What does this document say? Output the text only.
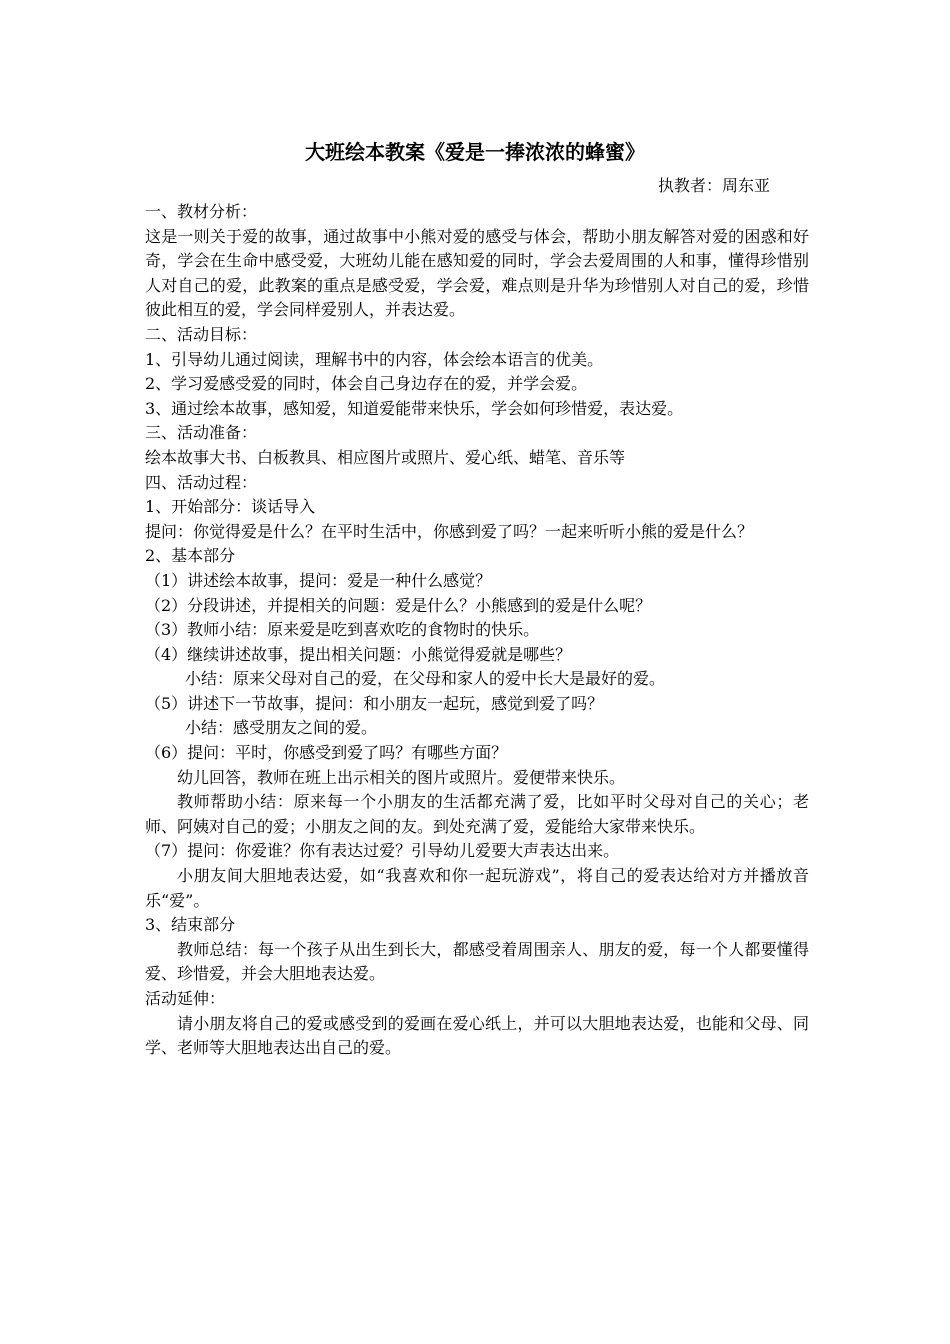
大班绘本教案《爱是一捧浓浓的蜂蜜》
执教者：周东亚

一、教材分析：

这是一则关于爱的故事，通过故事中小熊对爱的感受与体会，帮助小朋友解答对爱的困惑和好奇，学会在生命中感受爱，大班幼儿能在感知爱的同时，学会去爱周围的人和事，懂得珍惜别人对自己的爱，此教案的重点是感受爱，学会爱，难点则是升华为珍惜别人对自己的爱，珍惜彼此相互的爱，学会同样爱别人，并表达爱。

二、活动目标：

1、引导幼儿通过阅读，理解书中的内容，体会绘本语言的优美。

2、学习爱感受爱的同时，体会自己身边存在的爱，并学会爱。

3、通过绘本故事，感知爱，知道爱能带来快乐，学会如何珍惜爱，表达爱。

三、活动准备：

绘本故事大书、白板教具、相应图片或照片、爱心纸、蜡笔、音乐等

四、活动过程：

1、开始部分：谈话导入

提问：你觉得爱是什么？在平时生活中，你感到爱了吗？一起来听听小熊的爱是什么？

2、基本部分

（1）讲述绘本故事，提问：爱是一种什么感觉？

（2）分段讲述，并提相关的问题：爱是什么？小熊感到的爱是什么呢？

（3）教师小结：原来爱是吃到喜欢吃的食物时的快乐。

（4）继续讲述故事，提出相关问题：小熊觉得爱就是哪些？

小结：原来父母对自己的爱，在父母和家人的爱中长大是最好的爱。

（5）讲述下一节故事，提问：和小朋友一起玩，感觉到爱了吗？

小结：感受朋友之间的爱。

（6）提问：平时，你感受到爱了吗？有哪些方面？

幼儿回答，教师在班上出示相关的图片或照片。爱便带来快乐。

教师帮助小结：原来每一个小朋友的生活都充满了爱，比如平时父母对自己的关心；老师、阿姨对自己的爱；小朋友之间的友。到处充满了爱，爱能给大家带来快乐。

（7）提问：你爱谁？你有表达过爱？引导幼儿爱要大声表达出来。

小朋友间大胆地表达爱，如“我喜欢和你一起玩游戏”，将自己的爱表达给对方并播放音乐“爱”。

3、结束部分

教师总结：每一个孩子从出生到长大，都感受着周围亲人、朋友的爱，每一个人都要懂得爱、珍惜爱，并会大胆地表达爱。

活动延伸：

请小朋友将自己的爱或感受到的爱画在爱心纸上，并可以大胆地表达爱，也能和父母、同学、老师等大胆地表达出自己的爱。
